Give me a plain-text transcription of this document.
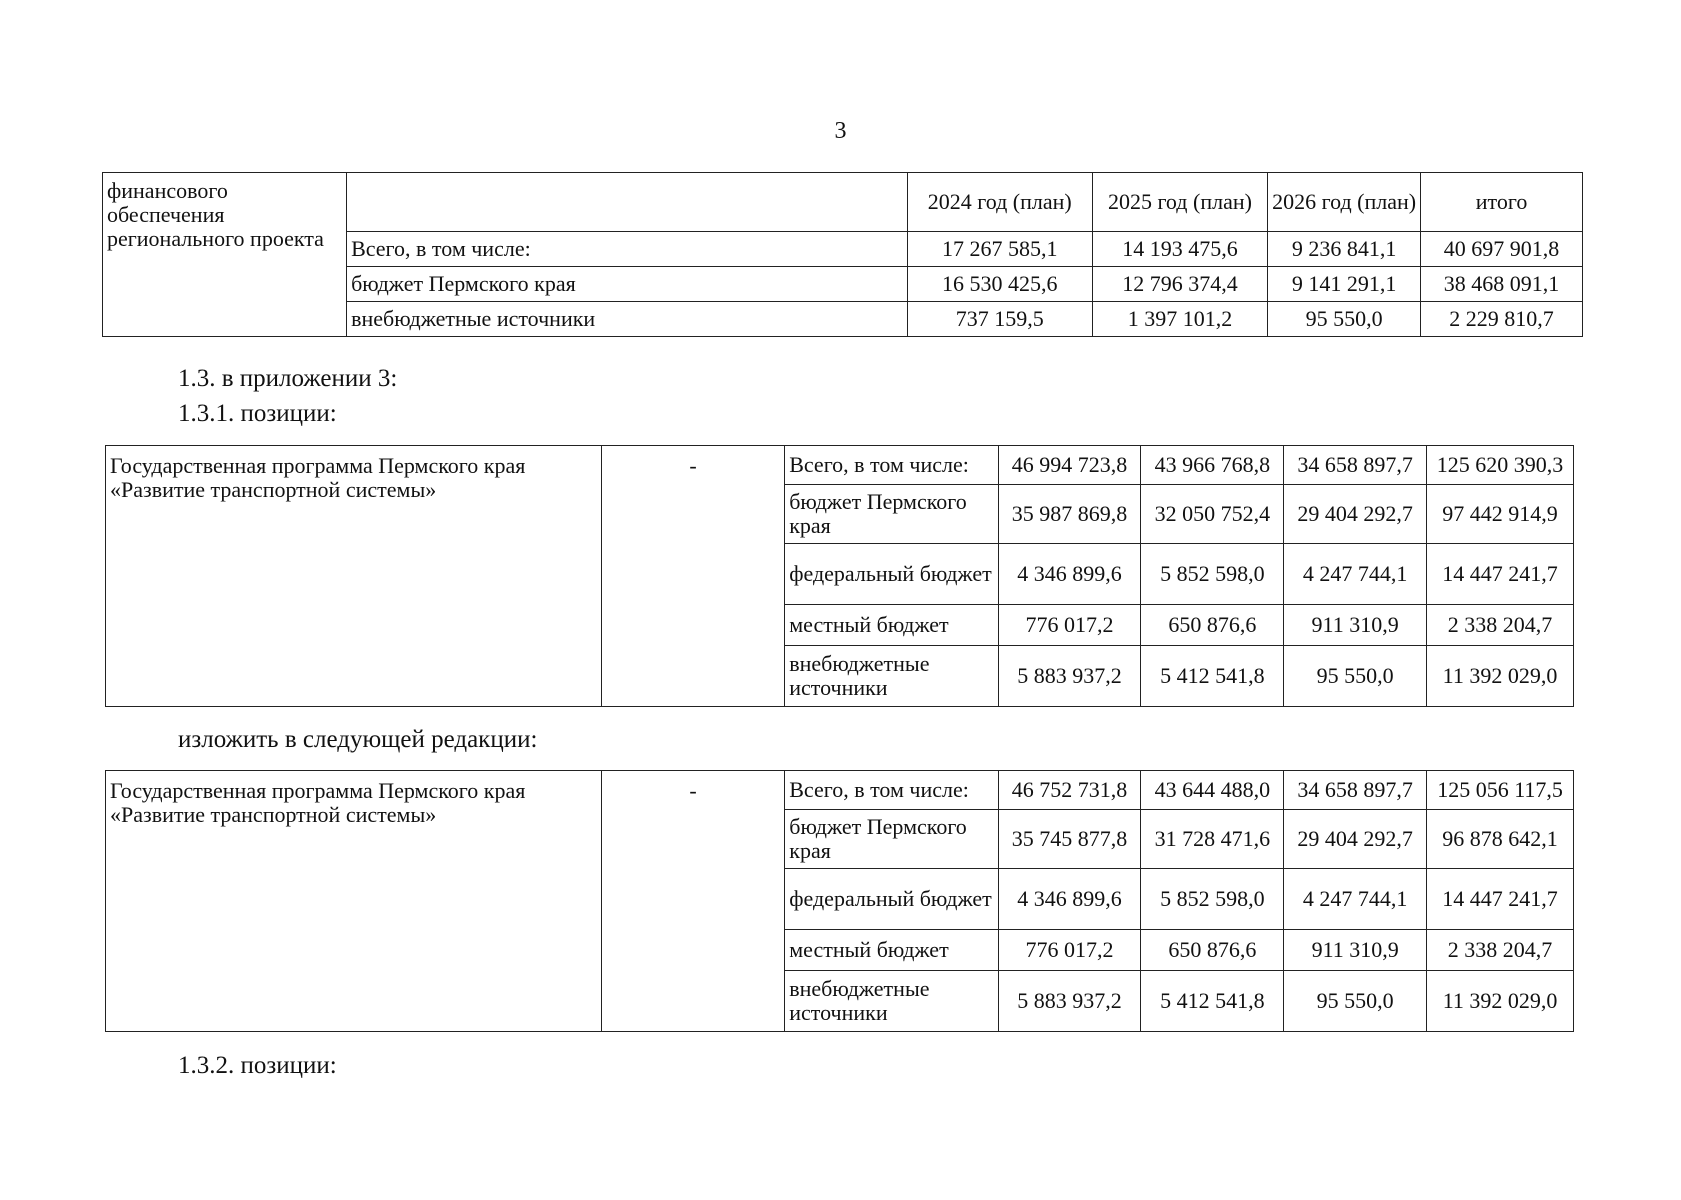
3
финансового обеспечения регионального проекта		2024 год (план)	2025 год (план)	2026 год (план)	итого
	Всего, в том числе:	17 267 585,1	14 193 475,6	9 236 841,1	40 697 901,8
	бюджет Пермского края	16 530 425,6	12 796 374,4	9 141 291,1	38 468 091,1
	внебюджетные источники	737 159,5	1 397 101,2	95 550,0	2 229 810,7
1.3. в приложении 3:
1.3.1. позиции:
Государственная программа Пермского края «Развитие транспортной системы»	-	Всего, в том числе:	46 994 723,8	43 966 768,8	34 658 897,7	125 620 390,3
		бюджет Пермского края	35 987 869,8	32 050 752,4	29 404 292,7	97 442 914,9
		федеральный бюджет	4 346 899,6	5 852 598,0	4 247 744,1	14 447 241,7
		местный бюджет	776 017,2	650 876,6	911 310,9	2 338 204,7
		внебюджетные источники	5 883 937,2	5 412 541,8	95 550,0	11 392 029,0
изложить в следующей редакции:
Государственная программа Пермского края «Развитие транспортной системы»	-	Всего, в том числе:	46 752 731,8	43 644 488,0	34 658 897,7	125 056 117,5
		бюджет Пермского края	35 745 877,8	31 728 471,6	29 404 292,7	96 878 642,1
		федеральный бюджет	4 346 899,6	5 852 598,0	4 247 744,1	14 447 241,7
		местный бюджет	776 017,2	650 876,6	911 310,9	2 338 204,7
		внебюджетные источники	5 883 937,2	5 412 541,8	95 550,0	11 392 029,0
1.3.2. позиции:
